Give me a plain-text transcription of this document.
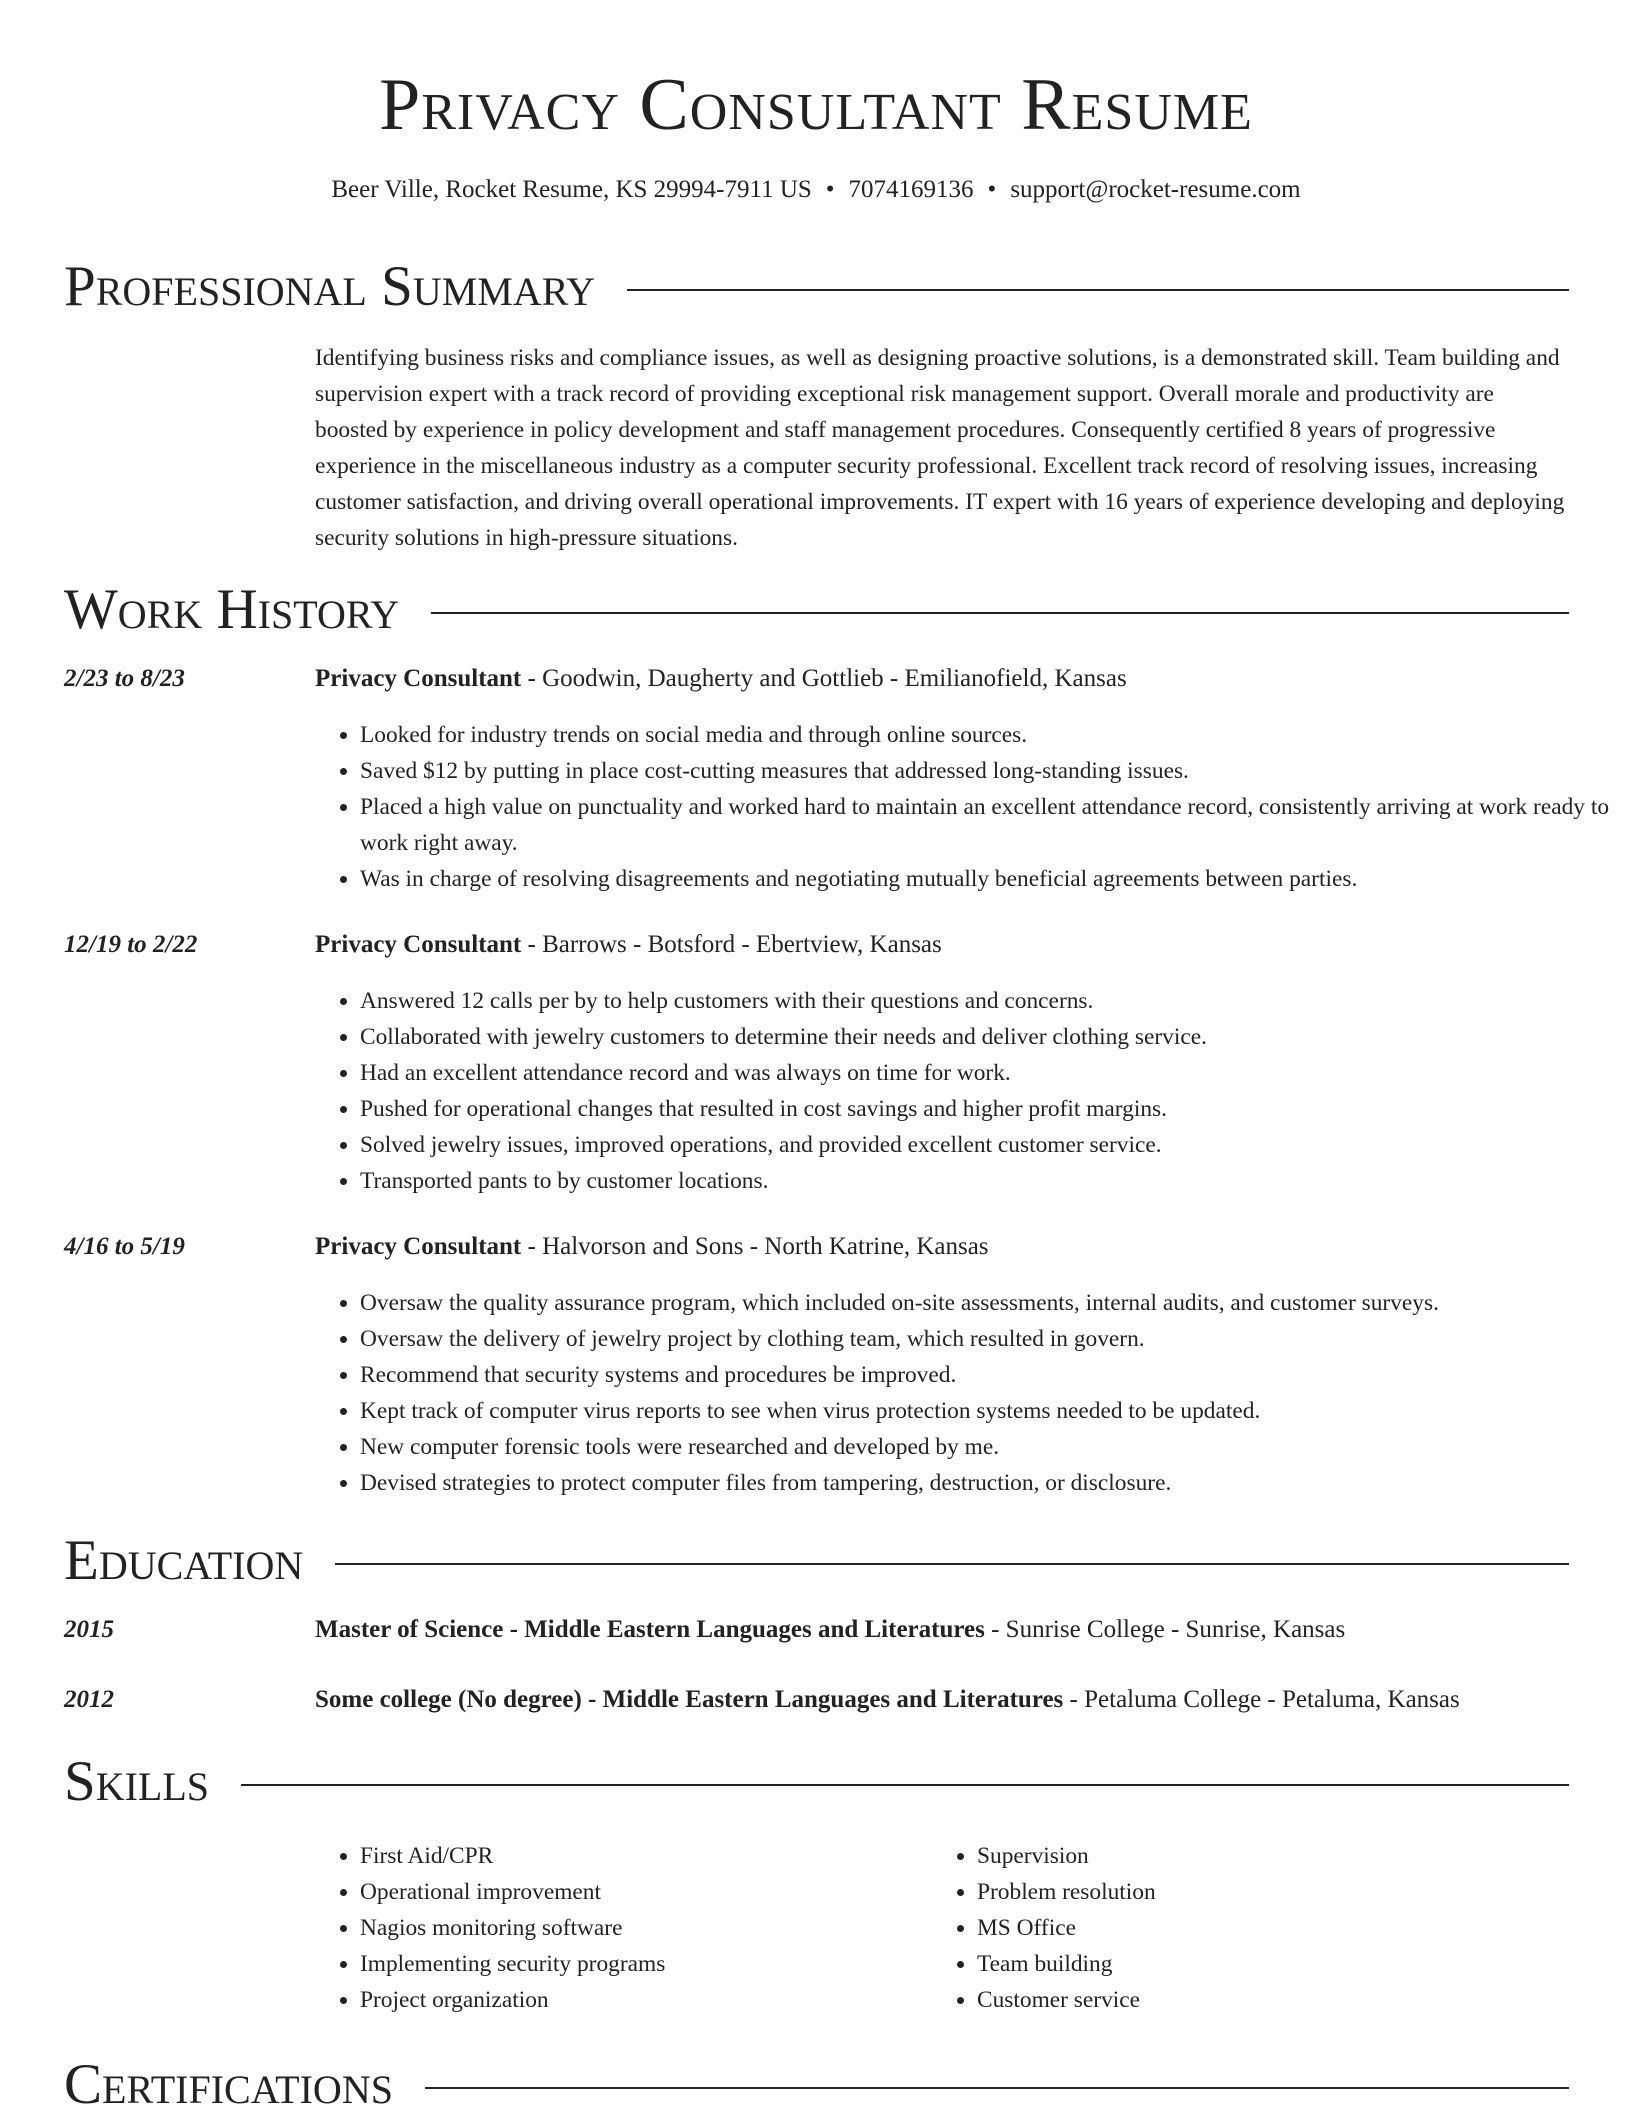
Privacy Consultant Resume
Beer Ville, Rocket Resume, KS 29994-7911 US • 7074169136 • support@rocket-resume.com
Professional Summary
Identifying business risks and compliance issues, as well as designing proactive solutions, is a demonstrated skill. Team building and supervision expert with a track record of providing exceptional risk management support. Overall morale and productivity are boosted by experience in policy development and staff management procedures. Consequently certified 8 years of progressive experience in the miscellaneous industry as a computer security professional. Excellent track record of resolving issues, increasing customer satisfaction, and driving overall operational improvements. IT expert with 16 years of experience developing and deploying security solutions in high-pressure situations.
Work History
2/23 to 8/23	Privacy Consultant - Goodwin, Daugherty and Gottlieb - Emilianofield, Kansas
• Looked for industry trends on social media and through online sources.
• Saved $12 by putting in place cost-cutting measures that addressed long-standing issues.
• Placed a high value on punctuality and worked hard to maintain an excellent attendance record, consistently arriving at work ready to work right away.
• Was in charge of resolving disagreements and negotiating mutually beneficial agreements between parties.
12/19 to 2/22	Privacy Consultant - Barrows - Botsford - Ebertview, Kansas
• Answered 12 calls per by to help customers with their questions and concerns.
• Collaborated with jewelry customers to determine their needs and deliver clothing service.
• Had an excellent attendance record and was always on time for work.
• Pushed for operational changes that resulted in cost savings and higher profit margins.
• Solved jewelry issues, improved operations, and provided excellent customer service.
• Transported pants to by customer locations.
4/16 to 5/19	Privacy Consultant - Halvorson and Sons - North Katrine, Kansas
• Oversaw the quality assurance program, which included on-site assessments, internal audits, and customer surveys.
• Oversaw the delivery of jewelry project by clothing team, which resulted in govern.
• Recommend that security systems and procedures be improved.
• Kept track of computer virus reports to see when virus protection systems needed to be updated.
• New computer forensic tools were researched and developed by me.
• Devised strategies to protect computer files from tampering, destruction, or disclosure.
Education
2015	Master of Science - Middle Eastern Languages and Literatures - Sunrise College - Sunrise, Kansas
2012	Some college (No degree) - Middle Eastern Languages and Literatures - Petaluma College - Petaluma, Kansas
Skills
• First Aid/CPR
• Operational improvement
• Nagios monitoring software
• Implementing security programs
• Project organization
• Supervision
• Problem resolution
• MS Office
• Team building
• Customer service
Certifications
